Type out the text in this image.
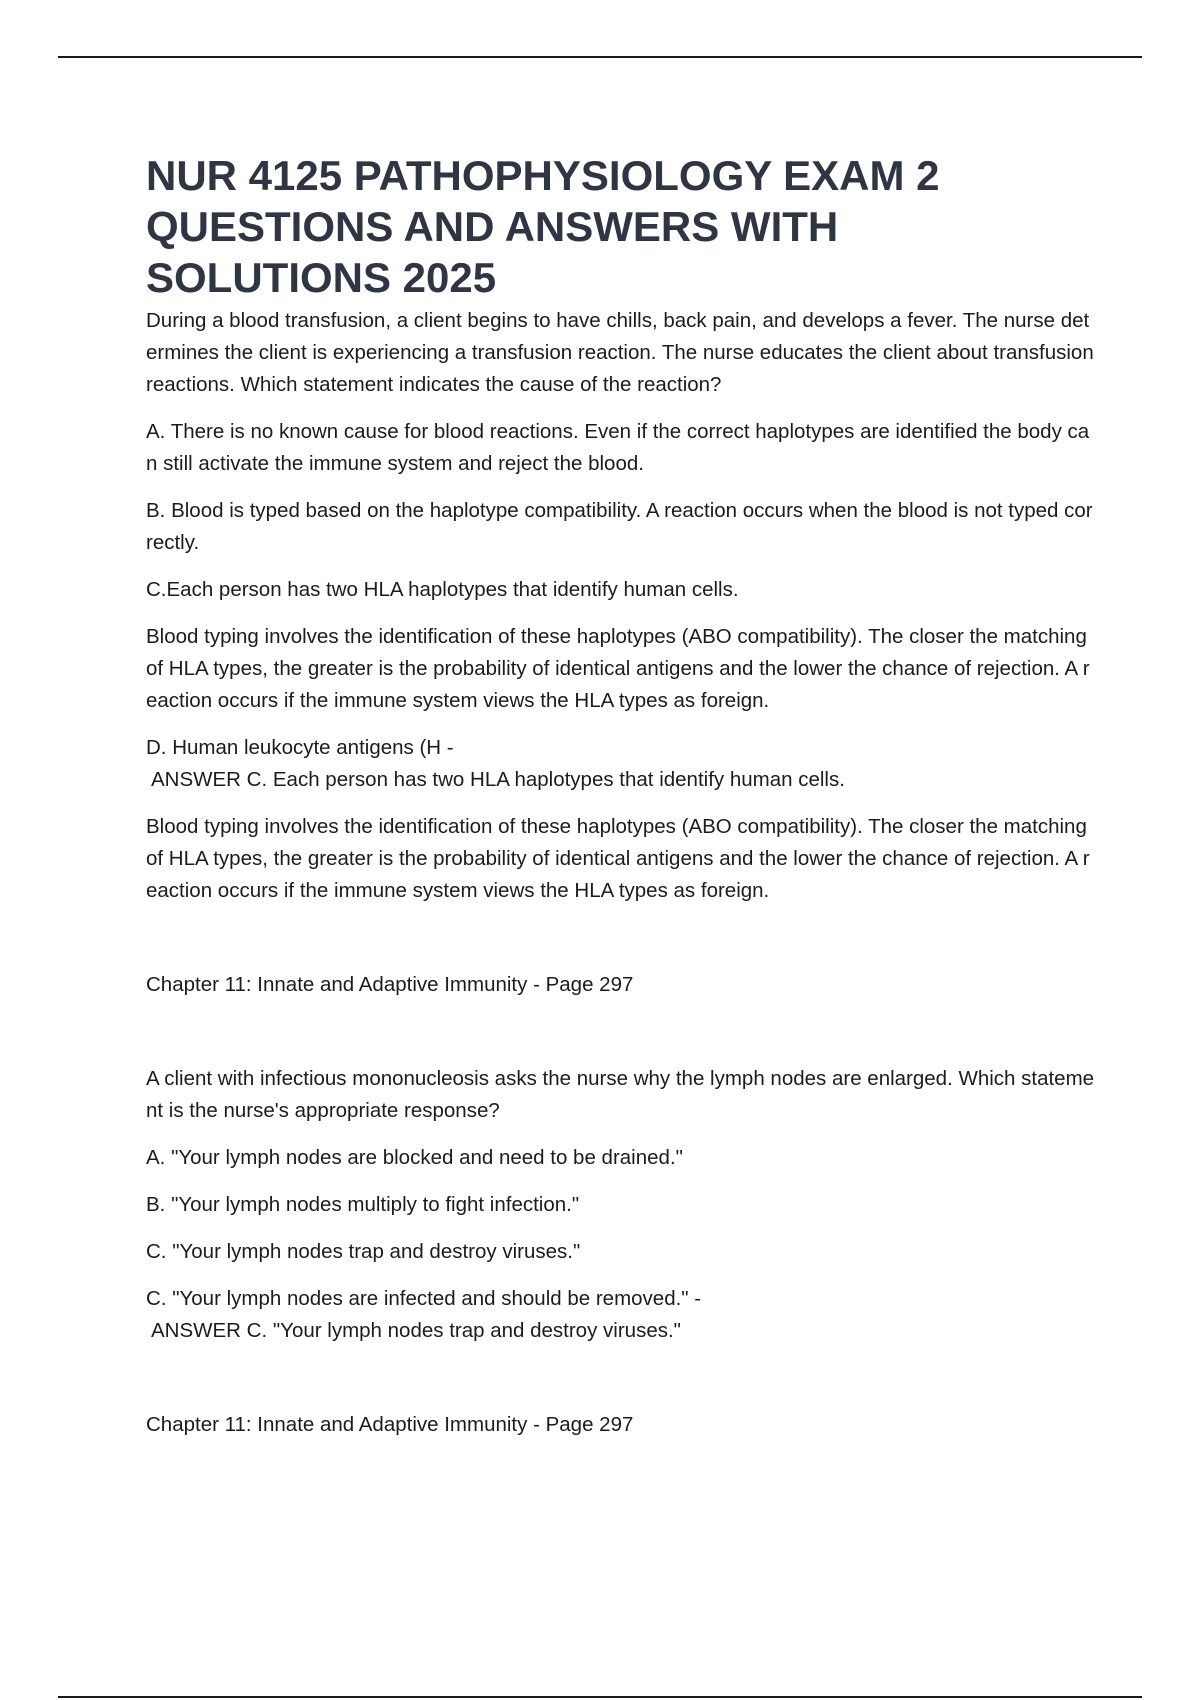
NUR 4125 PATHOPHYSIOLOGY EXAM 2
QUESTIONS AND ANSWERS WITH
SOLUTIONS 2025

During a blood transfusion, a client begins to have chills, back pain, and develops a fever. The nurse determines the client is experiencing a transfusion reaction. The nurse educates the client about transfusion reactions. Which statement indicates the cause of the reaction?

A. There is no known cause for blood reactions. Even if the correct haplotypes are identified the body can still activate the immune system and reject the blood.

B. Blood is typed based on the haplotype compatibility. A reaction occurs when the blood is not typed correctly.

C.Each person has two HLA haplotypes that identify human cells.

Blood typing involves the identification of these haplotypes (ABO compatibility). The closer the matching of HLA types, the greater is the probability of identical antigens and the lower the chance of rejection. A reaction occurs if the immune system views the HLA types as foreign.

D. Human leukocyte antigens (H -

ANSWER C. Each person has two HLA haplotypes that identify human cells.

Blood typing involves the identification of these haplotypes (ABO compatibility). The closer the matching of HLA types, the greater is the probability of identical antigens and the lower the chance of rejection. A reaction occurs if the immune system views the HLA types as foreign.

Chapter 11: Innate and Adaptive Immunity - Page 297

A client with infectious mononucleosis asks the nurse why the lymph nodes are enlarged. Which statement is the nurse's appropriate response?

A. "Your lymph nodes are blocked and need to be drained."

B. "Your lymph nodes multiply to fight infection."

C. "Your lymph nodes trap and destroy viruses."

C. "Your lymph nodes are infected and should be removed." -

ANSWER C. "Your lymph nodes trap and destroy viruses."

Chapter 11: Innate and Adaptive Immunity - Page 297
